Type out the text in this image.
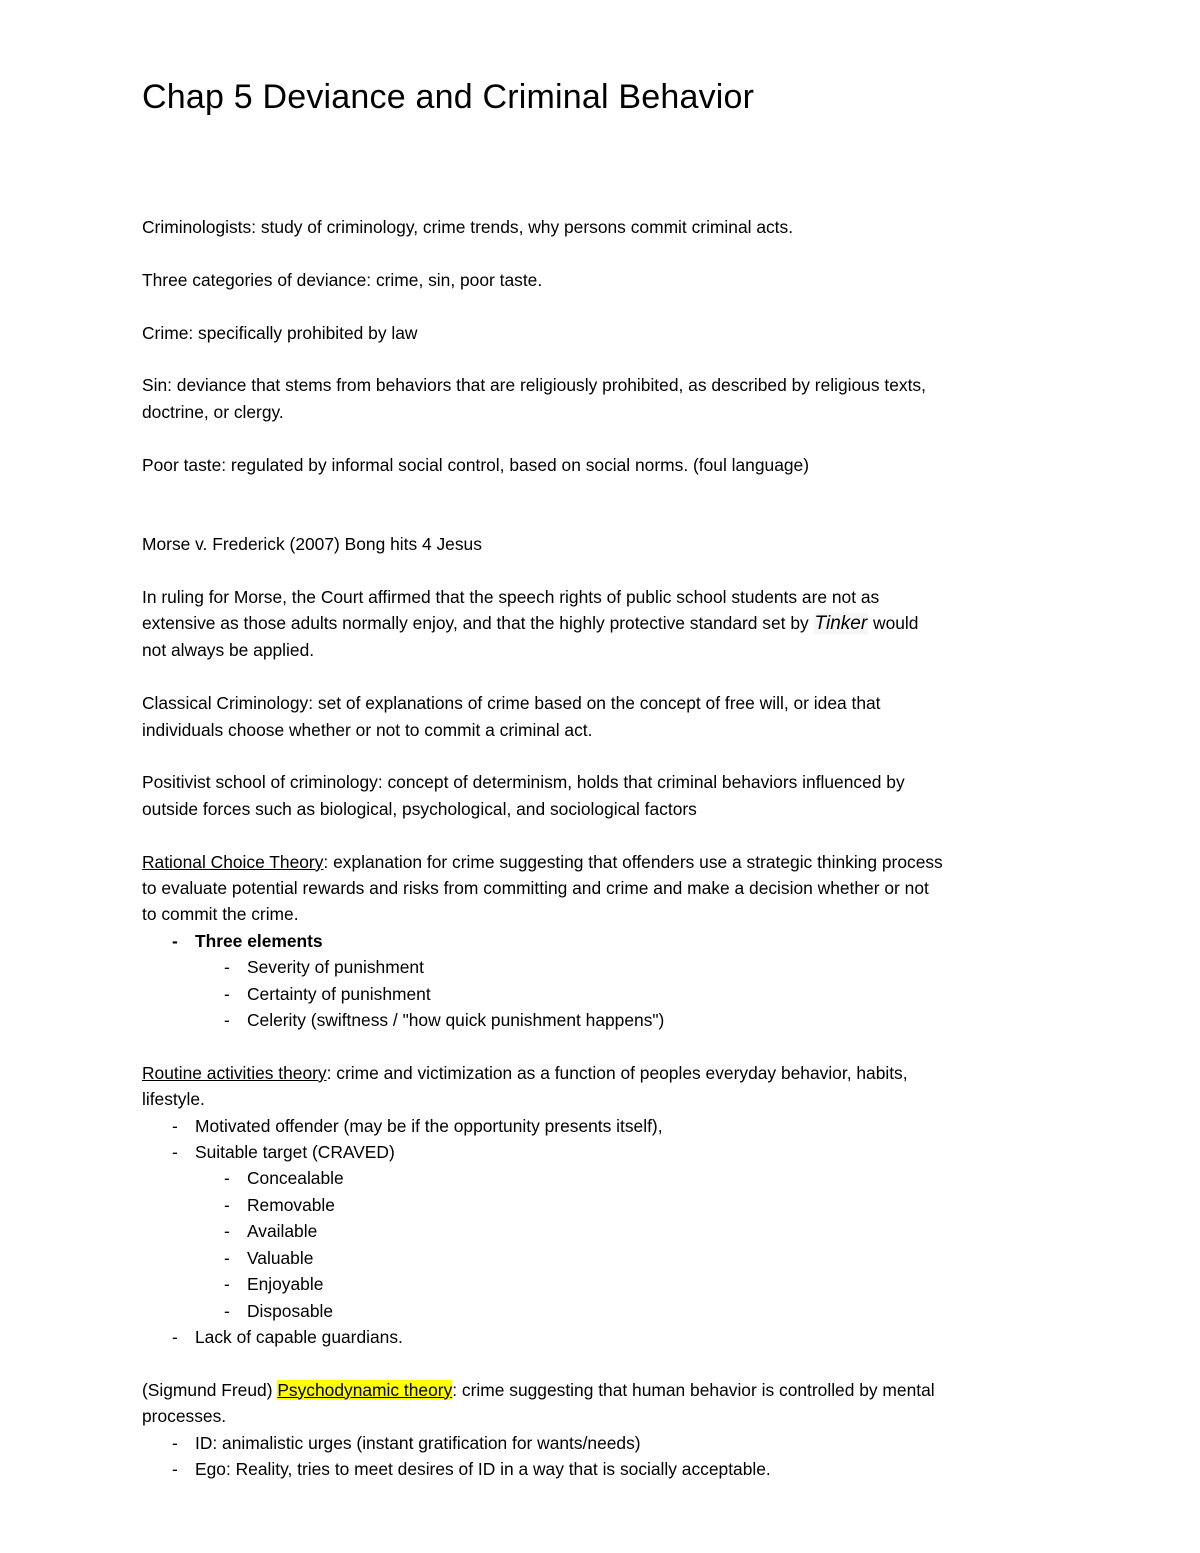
Chap 5 Deviance and Criminal Behavior

Criminologists: study of criminology, crime trends, why persons commit criminal acts.

Three categories of deviance: crime, sin, poor taste.

Crime: specifically prohibited by law

Sin: deviance that stems from behaviors that are religiously prohibited, as described by religious texts,

doctrine, or clergy.

Poor taste: regulated by informal social control, based on social norms. (foul language)

Morse v. Frederick (2007) Bong hits 4 Jesus

In ruling for Morse, the Court affirmed that the speech rights of public school students are not as

extensive as those adults normally enjoy, and that the highly protective standard set by Tinker would

not always be applied.

Classical Criminology: set of explanations of crime based on the concept of free will, or idea that

individuals choose whether or not to commit a criminal act.

Positivist school of criminology: concept of determinism, holds that criminal behaviors influenced by

outside forces such as biological, psychological, and sociological factors

Rational Choice Theory: explanation for crime suggesting that offenders use a strategic thinking process

to evaluate potential rewards and risks from committing and crime and make a decision whether or not

to commit the crime.

- Three elements
- Severity of punishment
- Certainty of punishment
- Celerity (swiftness / "how quick punishment happens")

Routine activities theory: crime and victimization as a function of peoples everyday behavior, habits,

lifestyle.

- Motivated offender (may be if the opportunity presents itself),
- Suitable target (CRAVED)
- Concealable
- Removable
- Available
- Valuable
- Enjoyable
- Disposable
- Lack of capable guardians.

(Sigmund Freud) Psychodynamic theory: crime suggesting that human behavior is controlled by mental

processes.

- ID: animalistic urges (instant gratification for wants/needs)
- Ego: Reality, tries to meet desires of ID in a way that is socially acceptable.
